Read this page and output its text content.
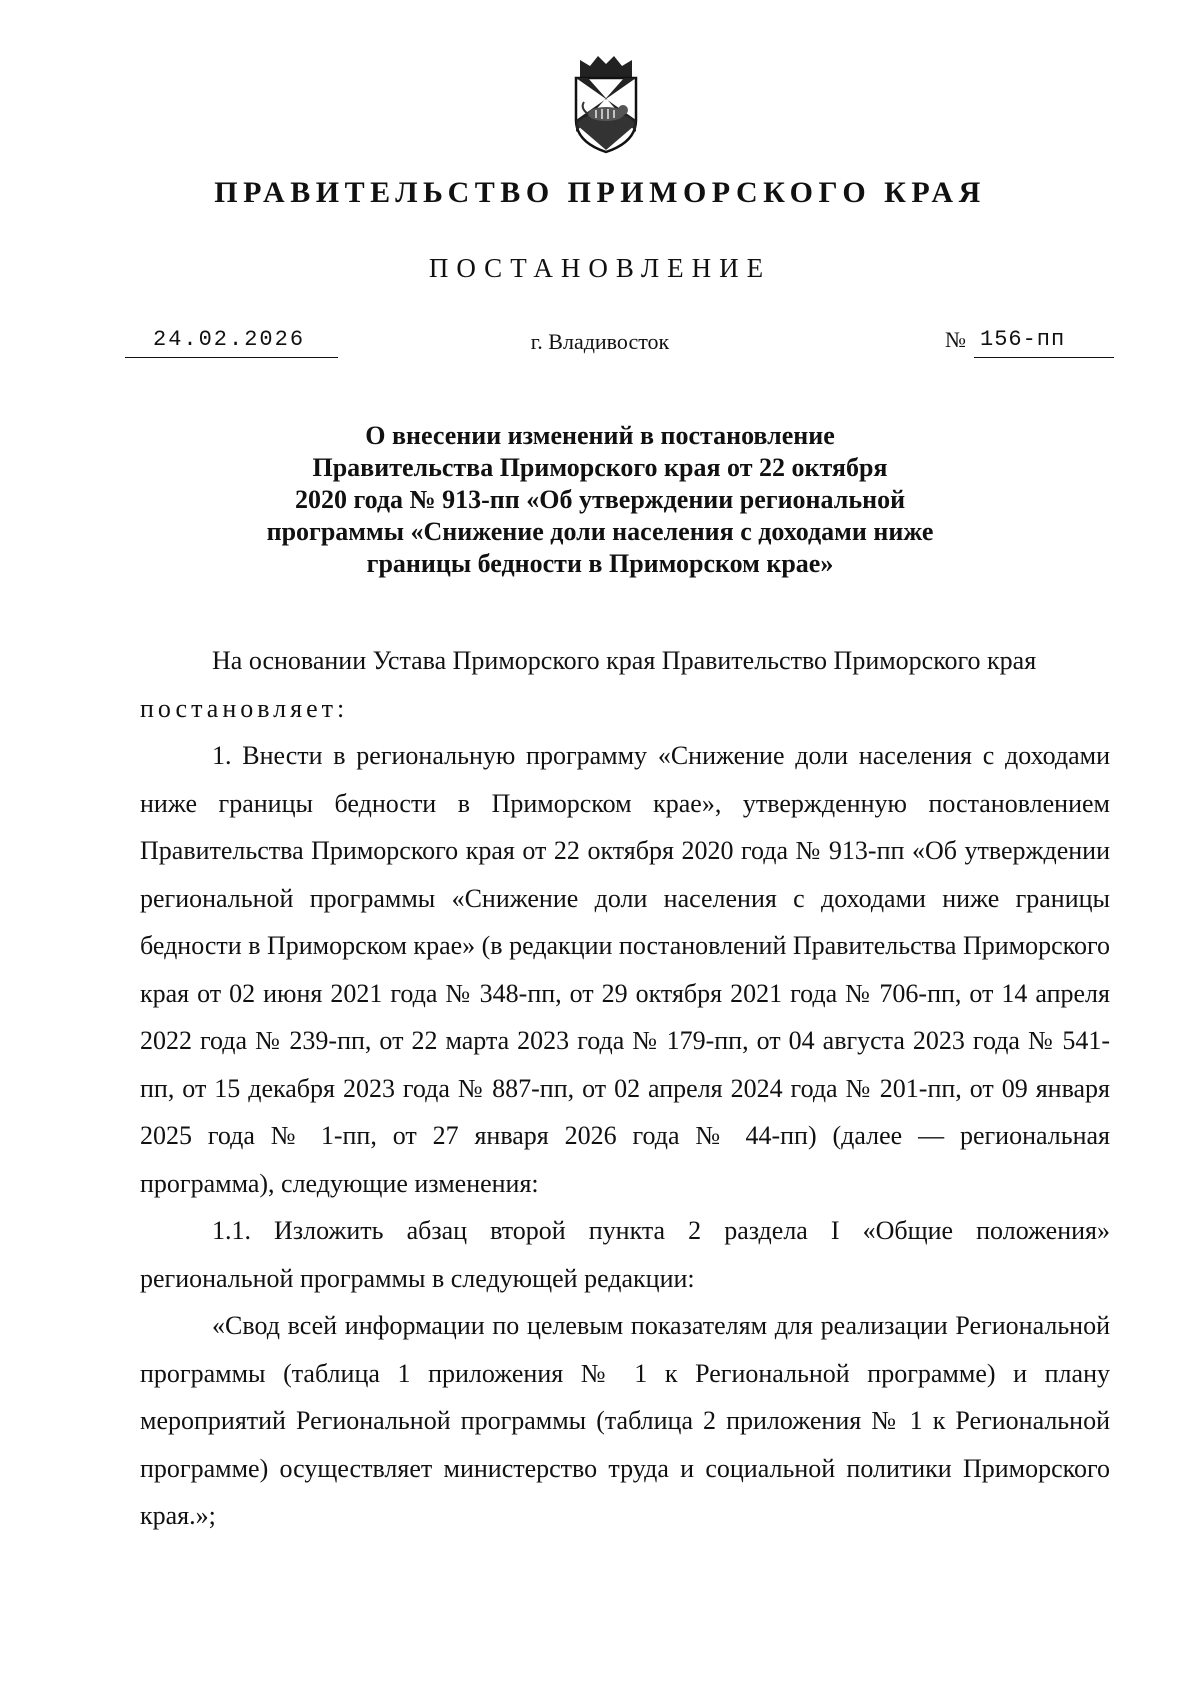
ПРАВИТЕЛЬСТВО ПРИМОРСКОГО КРАЯ
ПОСТАНОВЛЕНИЕ
24.02.2026	г. Владивосток	№ 156-пп
О внесении изменений в постановление
Правительства Приморского края от 22 октября
2020 года № 913-пп «Об утверждении региональной
программы «Снижение доли населения с доходами ниже
границы бедности в Приморском крае»

На основании Устава Приморского края Правительство Приморского края

постановляет:

1. Внести в региональную программу «Снижение доли населения с доходами ниже границы бедности в Приморском крае», утвержденную постановлением Правительства Приморского края от 22 октября 2020 года № 913-пп «Об утверждении региональной программы «Снижение доли населения с доходами ниже границы бедности в Приморском крае» (в редакции постановлений Правительства Приморского края от 02 июня 2021 года № 348-пп, от 29 октября 2021 года № 706-пп, от 14 апреля 2022 года № 239-пп, от 22 марта 2023 года № 179-пп, от 04 августа 2023 года № 541-пп, от 15 декабря 2023 года № 887-пп, от 02 апреля 2024 года № 201-пп, от 09 января 2025 года № 1-пп, от 27 января 2026 года № 44-пп) (далее — региональная программа), следующие изменения:

1.1. Изложить абзац второй пункта 2 раздела I «Общие положения» региональной программы в следующей редакции:

«Свод всей информации по целевым показателям для реализации Региональной программы (таблица 1 приложения № 1 к Региональной программе) и плану мероприятий Региональной программы (таблица 2 приложения № 1 к Региональной программе) осуществляет министерство труда и социальной политики Приморского края.»;
